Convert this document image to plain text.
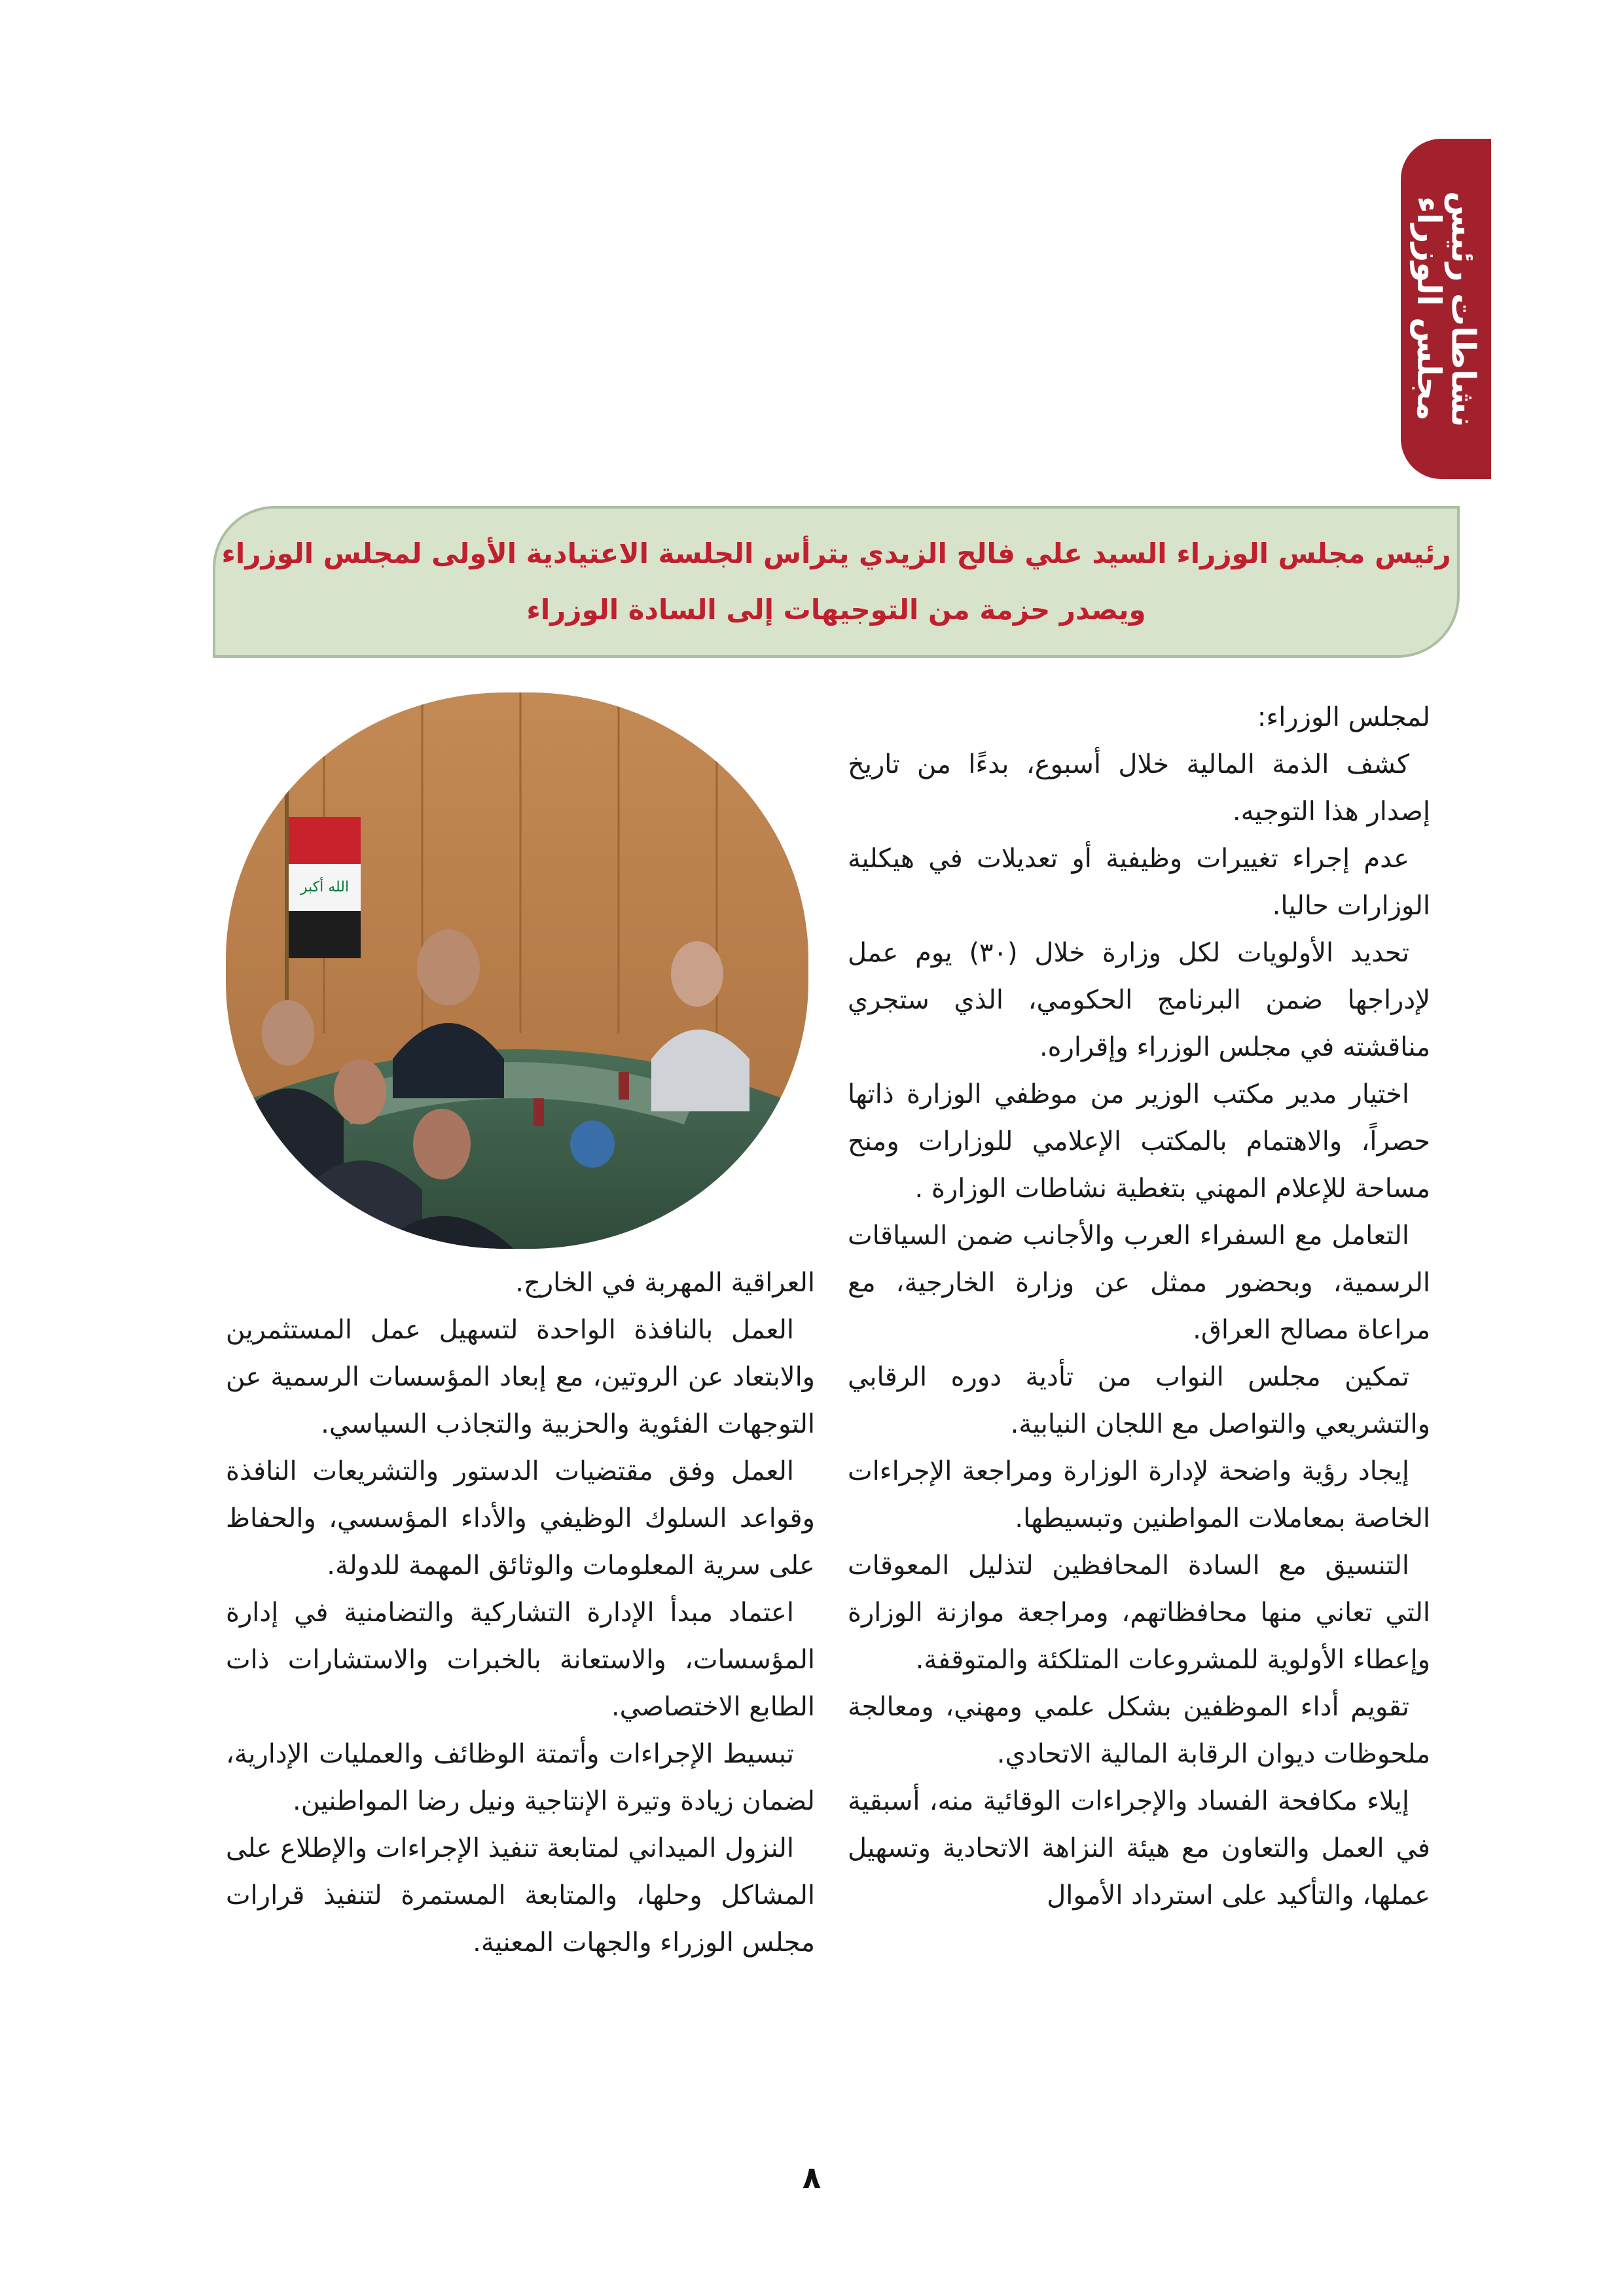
نشاطات رئيس مجلس الوزراء
رئيس مجلس الوزراء السيد علي فالح الزيدي يترأس الجلسة الاعتيادية الأولى لمجلس الوزراء
ويصدر حزمة من التوجيهات إلى السادة الوزراء
الله أكبر

لمجلس الوزراء:

كشف الذمة المالية خلال أسبوع، بدءًا من تاريخ إصدار هذا التوجيه.

عدم إجراء تغييرات وظيفية أو تعديلات في هيكلية الوزارات حاليا.

تحديد الأولويات لكل وزارة خلال (٣٠) يوم عمل لإدراجها ضمن البرنامج الحكومي، الذي ستجري مناقشته في مجلس الوزراء وإقراره.

اختيار مدير مكتب الوزير من موظفي الوزارة ذاتها حصراً، والاهتمام بالمكتب الإعلامي للوزارات ومنح مساحة للإعلام المهني بتغطية نشاطات الوزارة .

التعامل مع السفراء العرب والأجانب ضمن السياقات الرسمية، وبحضور ممثل عن وزارة الخارجية، مع مراعاة مصالح العراق.

تمكين مجلس النواب من تأدية دوره الرقابي والتشريعي والتواصل مع اللجان النيابية.

إيجاد رؤية واضحة لإدارة الوزارة ومراجعة الإجراءات الخاصة بمعاملات المواطنين وتبسيطها.

التنسيق مع السادة المحافظين لتذليل المعوقات التي تعاني منها محافظاتهم، ومراجعة موازنة الوزارة وإعطاء الأولوية للمشروعات المتلكئة والمتوقفة.

تقويم أداء الموظفين بشكل علمي ومهني، ومعالجة ملحوظات ديوان الرقابة المالية الاتحادي.

إيلاء مكافحة الفساد والإجراءات الوقائية منه، أسبقية في العمل والتعاون مع هيئة النزاهة الاتحادية وتسهيل عملها، والتأكيد على استرداد الأموال

العراقية المهربة في الخارج.

العمل بالنافذة الواحدة لتسهيل عمل المستثمرين والابتعاد عن الروتين، مع إبعاد المؤسسات الرسمية عن التوجهات الفئوية والحزبية والتجاذب السياسي.

العمل وفق مقتضيات الدستور والتشريعات النافذة وقواعد السلوك الوظيفي والأداء المؤسسي، والحفاظ على سرية المعلومات والوثائق المهمة للدولة.

اعتماد مبدأ الإدارة التشاركية والتضامنية في إدارة المؤسسات، والاستعانة بالخبرات والاستشارات ذات الطابع الاختصاصي.

تبسيط الإجراءات وأتمتة الوظائف والعمليات الإدارية، لضمان زيادة وتيرة الإنتاجية ونيل رضا المواطنين.

النزول الميداني لمتابعة تنفيذ الإجراءات والإطلاع على المشاكل وحلها، والمتابعة المستمرة لتنفيذ قرارات مجلس الوزراء والجهات المعنية.

٨
